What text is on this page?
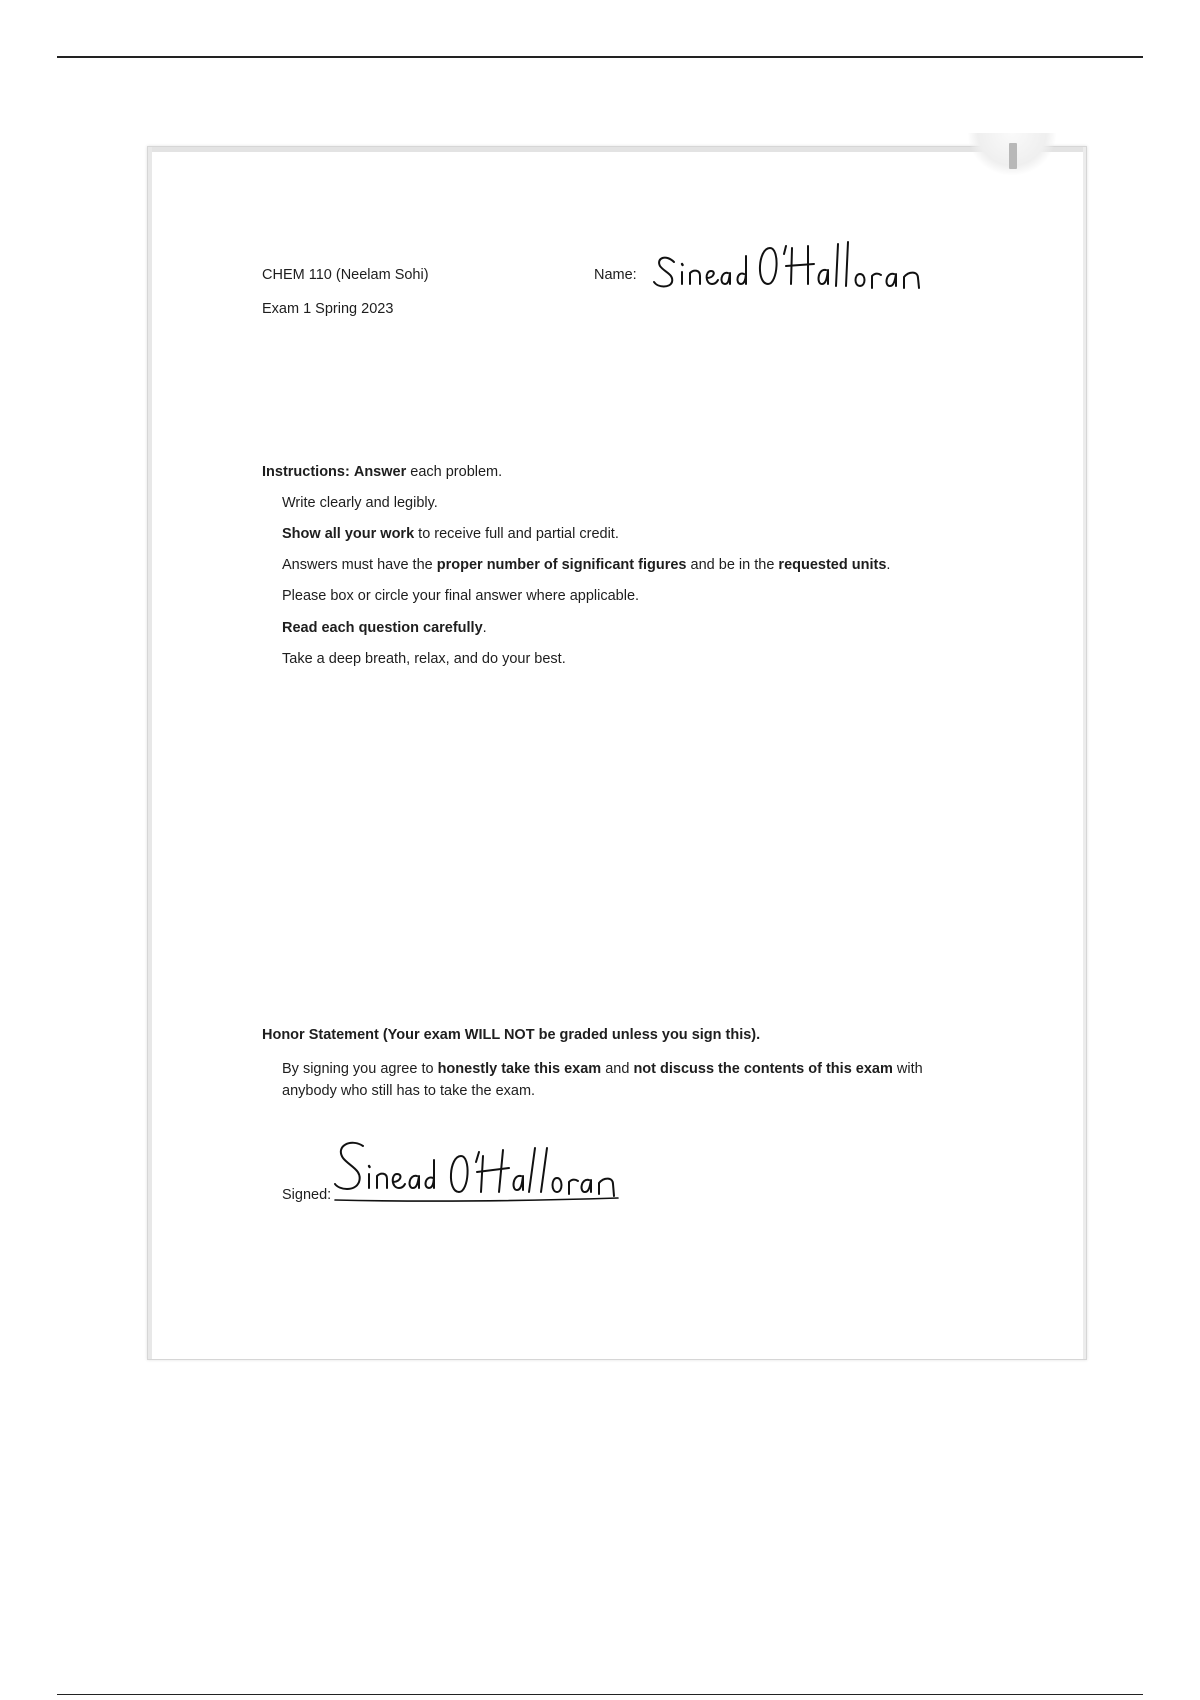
CHEM 110 (Neelam Sohi)
Exam 1 Spring 2023
Name:
Instructions: Answer each problem.
Write clearly and legibly.
Show all your work to receive full and partial credit.
Answers must have the proper number of significant figures and be in the requested units.
Please box or circle your final answer where applicable.
Read each question carefully.
Take a deep breath, relax, and do your best.
Honor Statement (Your exam WILL NOT be graded unless you sign this).
By signing you agree to honestly take this exam and not discuss the contents of this exam with
anybody who still has to take the exam.
Signed:
